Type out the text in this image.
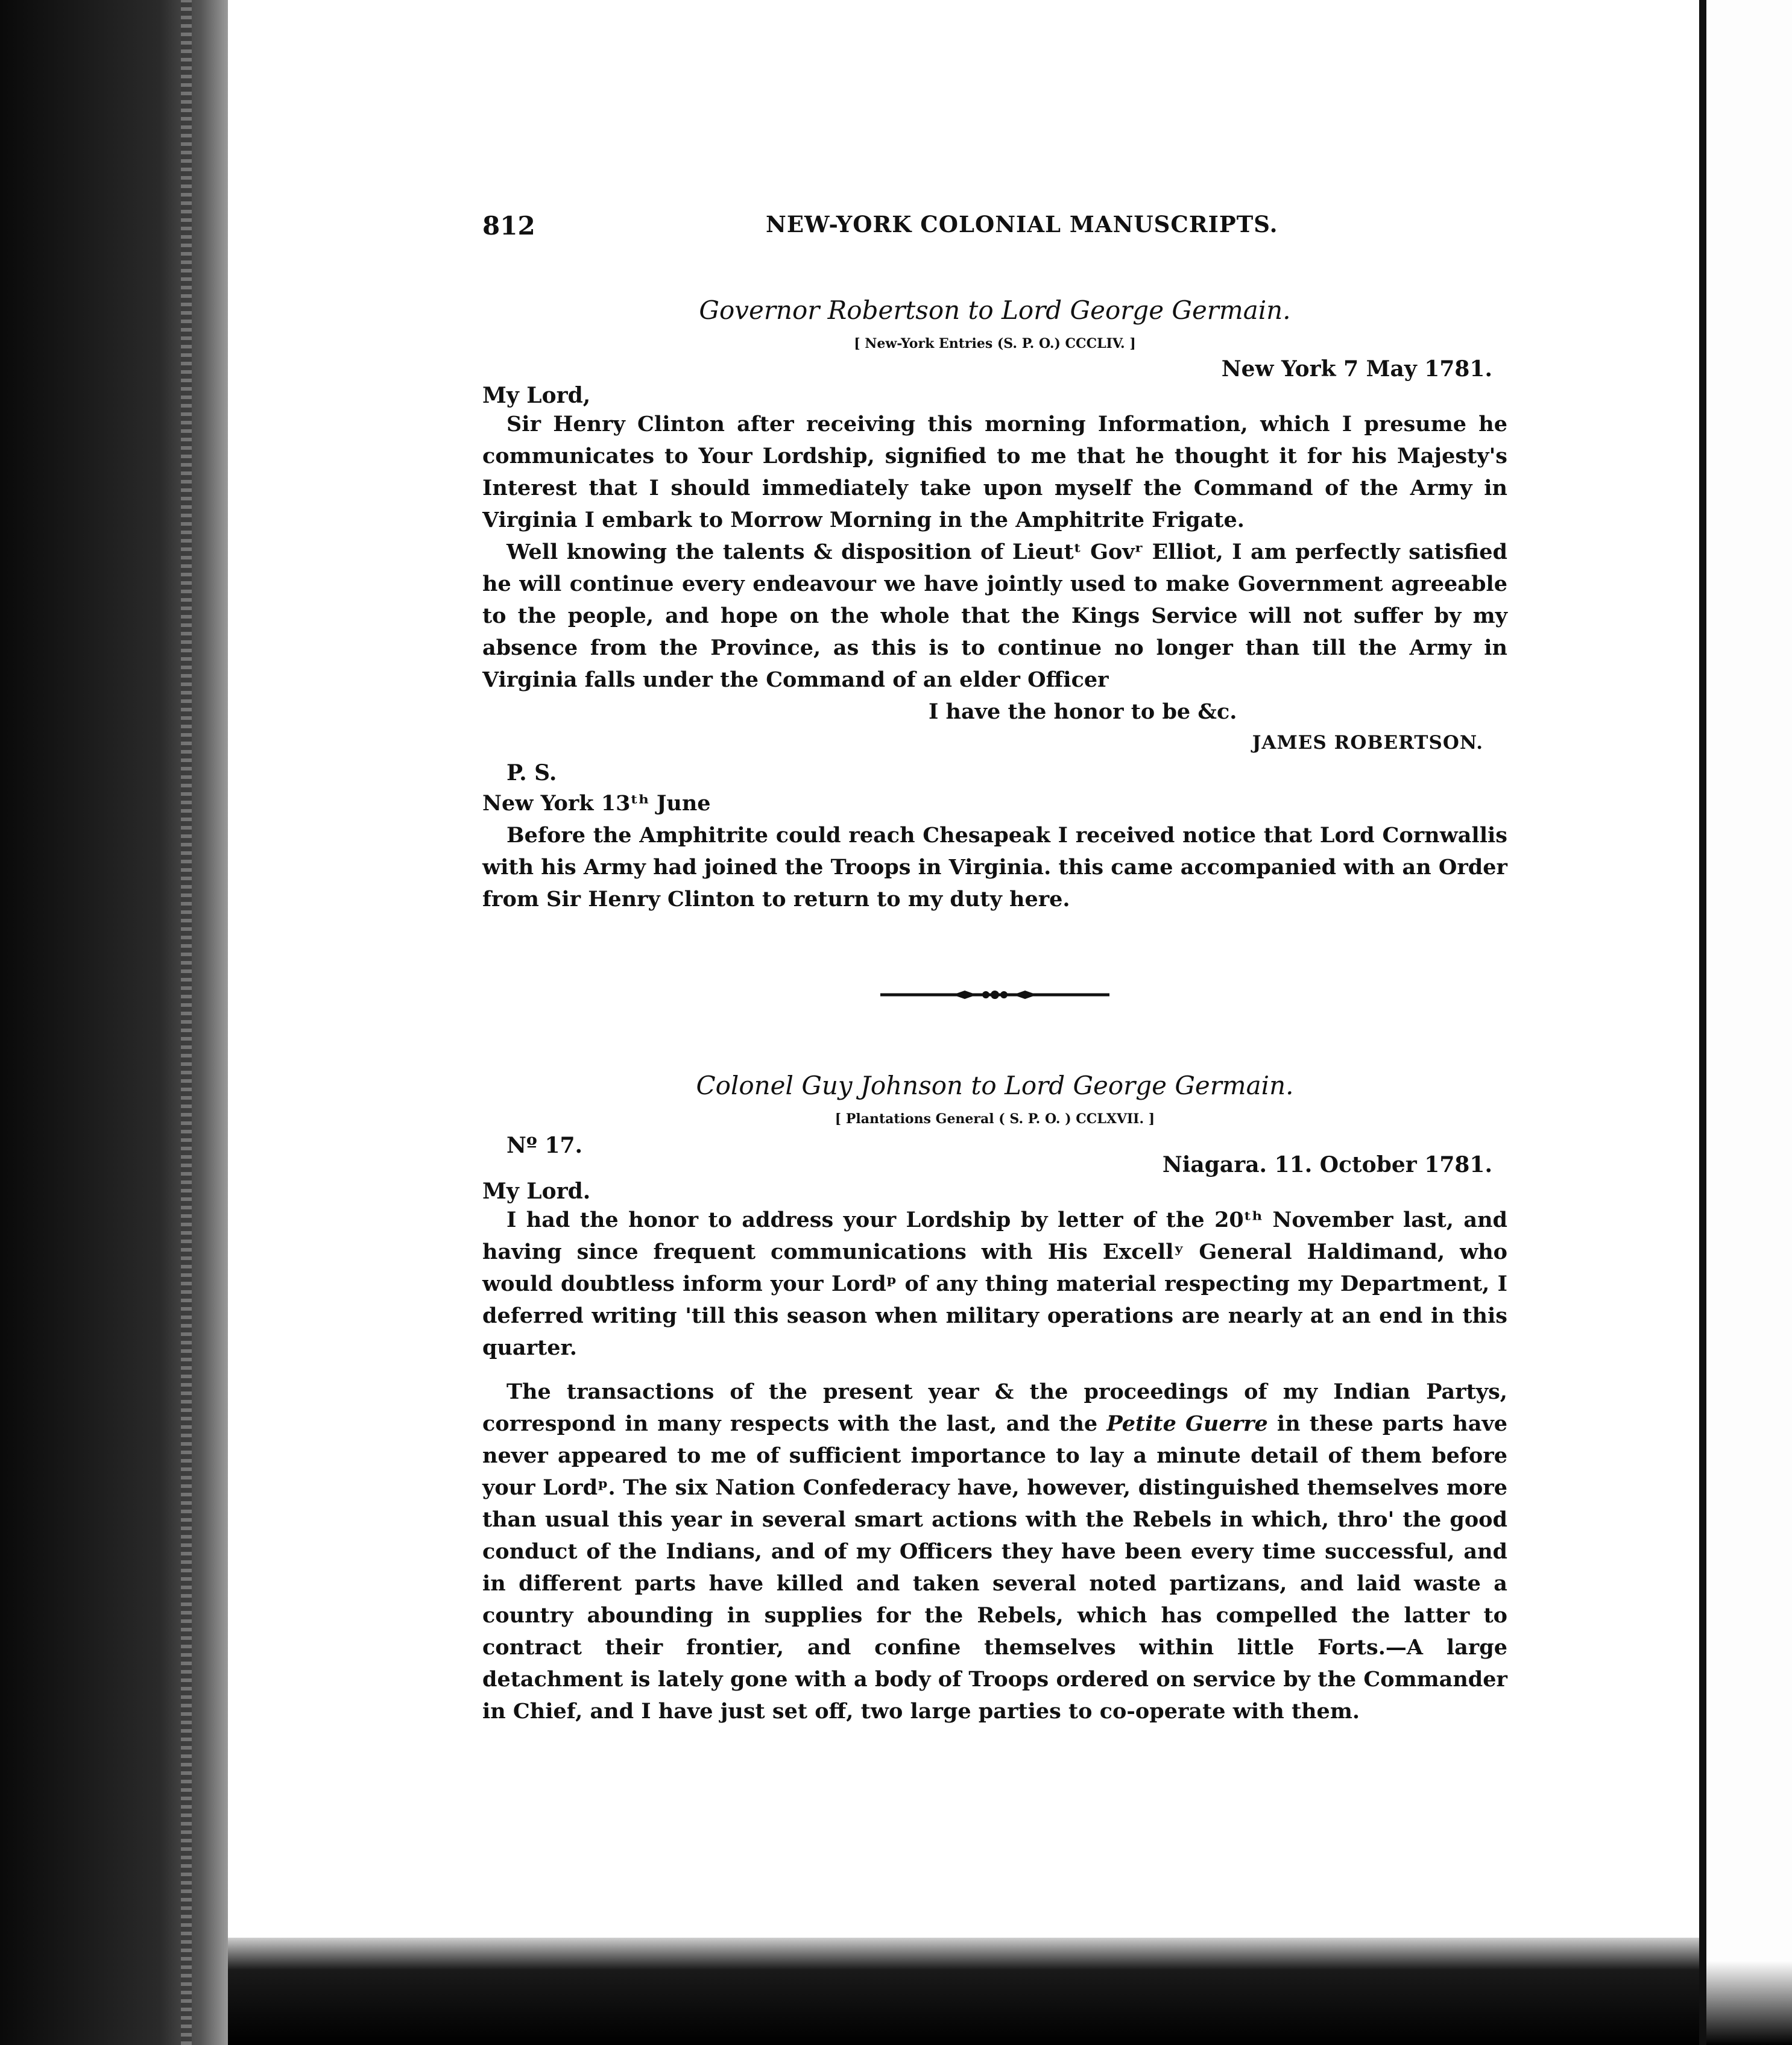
812	NEW-YORK COLONIAL MANUSCRIPTS.
Governor Robertson to Lord George Germain.
[ New-York Entries (S. P. O.) CCCLIV. ]
New York 7 May 1781.
My Lord,

Sir Henry Clinton after receiving this morning Information, which I presume he communicates to Your Lordship, signified to me that he thought it for his Majesty's Interest that I should immediately take upon myself the Command of the Army in Virginia I embark to Morrow Morning in the Amphitrite Frigate.

Well knowing the talents & disposition of Lieutᵗ Govʳ Elliot, I am perfectly satisfied he will continue every endeavour we have jointly used to make Government agreeable to the people, and hope on the whole that the Kings Service will not suffer by my absence from the Province, as this is to continue no longer than till the Army in Virginia falls under the Command of an elder Officer

I have the honor to be &c.
JAMES ROBERTSON.
P. S.
New York 13ᵗʰ June

Before the Amphitrite could reach Chesapeak I received notice that Lord Cornwallis with his Army had joined the Troops in Virginia. this came accompanied with an Order from Sir Henry Clinton to return to my duty here.

Colonel Guy Johnson to Lord George Germain.
[ Plantations General ( S. P. O. ) CCLXVII. ]
Nº 17.
Niagara. 11. October 1781.
My Lord.

I had the honor to address your Lordship by letter of the 20ᵗʰ November last, and having since frequent communications with His Excellʸ General Haldimand, who would doubtless inform your Lordᵖ of any thing material respecting my Department, I deferred writing 'till this season when military operations are nearly at an end in this quarter.

The transactions of the present year & the proceedings of my Indian Partys, correspond in many respects with the last, and the Petite Guerre in these parts have never appeared to me of sufficient importance to lay a minute detail of them before your Lordᵖ. The six Nation Confederacy have, however, distinguished themselves more than usual this year in several smart actions with the Rebels in which, thro' the good conduct of the Indians, and of my Officers they have been every time successful, and in different parts have killed and taken several noted partizans, and laid waste a country abounding in supplies for the Rebels, which has compelled the latter to contract their frontier, and confine themselves within little Forts.—A large detachment is lately gone with a body of Troops ordered on service by the Commander in Chief, and I have just set off, two large parties to co-operate with them.
